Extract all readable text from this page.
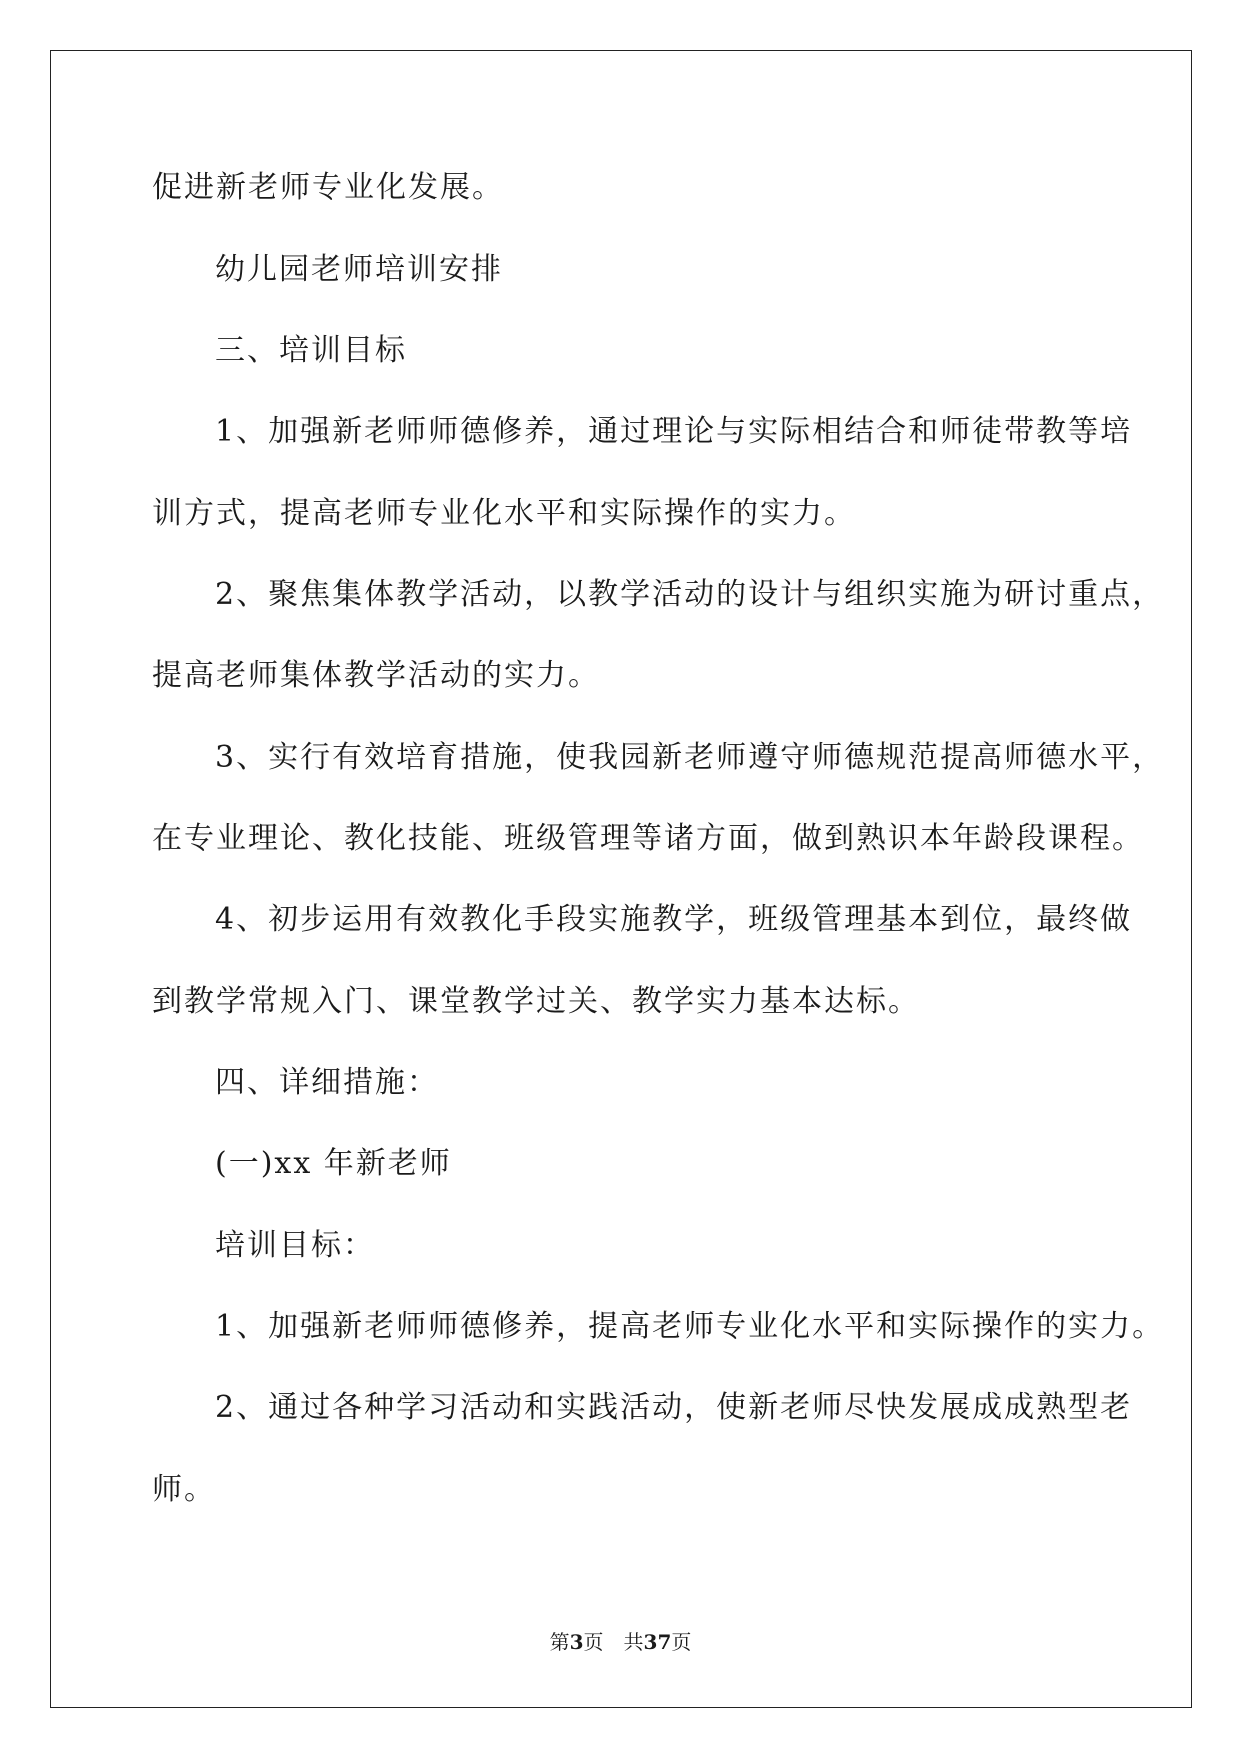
促进新老师专业化发展。
幼儿园老师培训安排
三、培训目标
1、加强新老师师德修养，通过理论与实际相结合和师徒带教等培
训方式，提高老师专业化水平和实际操作的实力。
2、聚焦集体教学活动，以教学活动的设计与组织实施为研讨重点，
提高老师集体教学活动的实力。
3、实行有效培育措施，使我园新老师遵守师德规范提高师德水平，
在专业理论、教化技能、班级管理等诸方面，做到熟识本年龄段课程。
4、初步运用有效教化手段实施教学，班级管理基本到位，最终做
到教学常规入门、课堂教学过关、教学实力基本达标。
四、详细措施：
(一)xx 年新老师
培训目标：
1、加强新老师师德修养，提高老师专业化水平和实际操作的实力。
2、通过各种学习活动和实践活动，使新老师尽快发展成成熟型老
师。
第3页 共37页
